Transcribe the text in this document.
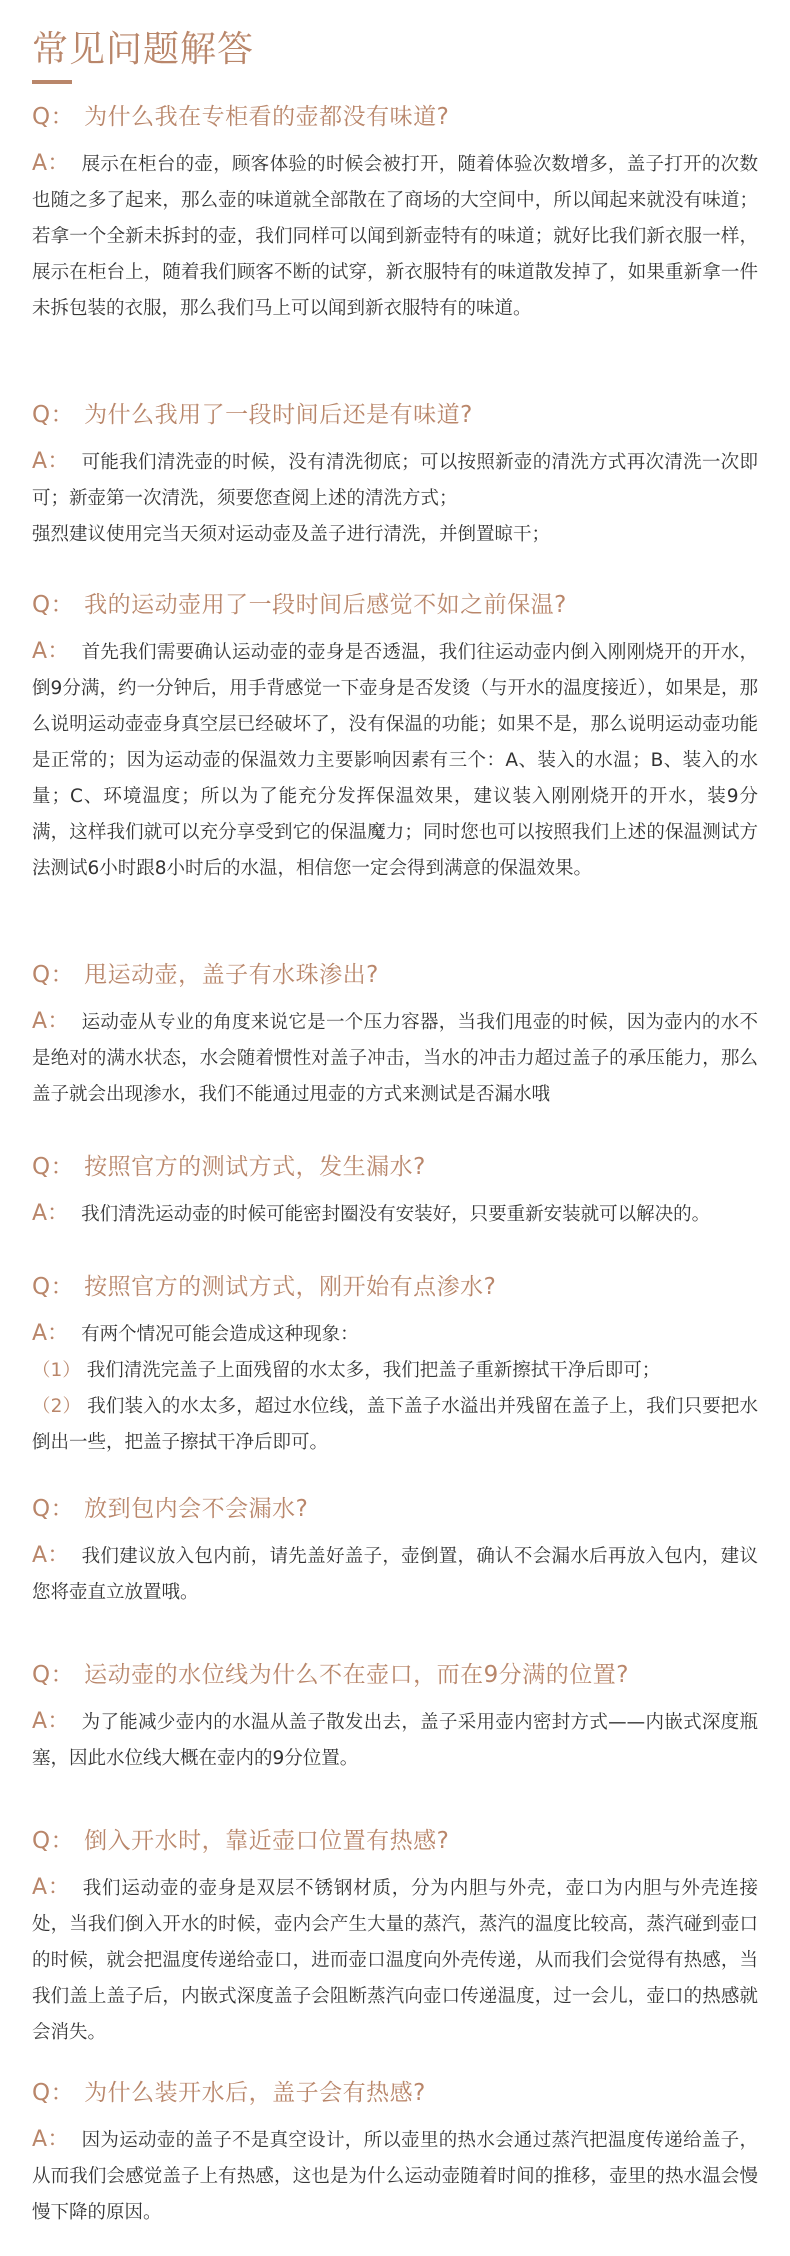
常见问题解答
Q： 为什么我在专柜看的壶都没有味道?

A： 展示在柜台的壶，顾客体验的时候会被打开，随着体验次数增多，盖子打开的次数也随之多了起来，那么壶的味道就全部散在了商场的大空间中，所以闻起来就没有味道；若拿一个全新未拆封的壶，我们同样可以闻到新壶特有的味道；就好比我们新衣服一样，展示在柜台上，随着我们顾客不断的试穿，新衣服特有的味道散发掉了，如果重新拿一件未拆包装的衣服，那么我们马上可以闻到新衣服特有的味道。

Q： 为什么我用了一段时间后还是有味道?

A： 可能我们清洗壶的时候，没有清洗彻底；可以按照新壶的清洗方式再次清洗一次即可；新壶第一次清洗，须要您查阅上述的清洗方式；

强烈建议使用完当天须对运动壶及盖子进行清洗，并倒置晾干；

Q： 我的运动壶用了一段时间后感觉不如之前保温?

A： 首先我们需要确认运动壶的壶身是否透温，我们往运动壶内倒入刚刚烧开的开水，倒9分满，约一分钟后，用手背感觉一下壶身是否发烫（与开水的温度接近），如果是，那么说明运动壶壶身真空层已经破坏了，没有保温的功能；如果不是，那么说明运动壶功能是正常的；因为运动壶的保温效力主要影响因素有三个：A、装入的水温；B、装入的水量；C、环境温度；所以为了能充分发挥保温效果，建议装入刚刚烧开的开水，装9分满，这样我们就可以充分享受到它的保温魔力；同时您也可以按照我们上述的保温测试方法测试6小时跟8小时后的水温，相信您一定会得到满意的保温效果。

Q： 甩运动壶，盖子有水珠渗出?

A： 运动壶从专业的角度来说它是一个压力容器，当我们甩壶的时候，因为壶内的水不是绝对的满水状态，水会随着惯性对盖子冲击，当水的冲击力超过盖子的承压能力，那么盖子就会出现渗水，我们不能通过甩壶的方式来测试是否漏水哦

Q： 按照官方的测试方式，发生漏水?

A： 我们清洗运动壶的时候可能密封圈没有安装好，只要重新安装就可以解决的。

Q： 按照官方的测试方式，刚开始有点渗水?

A： 有两个情况可能会造成这种现象：

（1） 我们清洗完盖子上面残留的水太多，我们把盖子重新擦拭干净后即可；

（2） 我们装入的水太多，超过水位线，盖下盖子水溢出并残留在盖子上，我们只要把水倒出一些，把盖子擦拭干净后即可。

Q： 放到包内会不会漏水?

A： 我们建议放入包内前，请先盖好盖子，壶倒置，确认不会漏水后再放入包内，建议您将壶直立放置哦。

Q： 运动壶的水位线为什么不在壶口，而在9分满的位置?

A： 为了能减少壶内的水温从盖子散发出去，盖子采用壶内密封方式——内嵌式深度瓶塞，因此水位线大概在壶内的9分位置。

Q： 倒入开水时，靠近壶口位置有热感?

A： 我们运动壶的壶身是双层不锈钢材质，分为内胆与外壳，壶口为内胆与外壳连接处，当我们倒入开水的时候，壶内会产生大量的蒸汽，蒸汽的温度比较高，蒸汽碰到壶口的时候，就会把温度传递给壶口，进而壶口温度向外壳传递，从而我们会觉得有热感，当我们盖上盖子后，内嵌式深度盖子会阻断蒸汽向壶口传递温度，过一会儿，壶口的热感就会消失。

Q： 为什么装开水后，盖子会有热感?

A： 因为运动壶的盖子不是真空设计，所以壶里的热水会通过蒸汽把温度传递给盖子，从而我们会感觉盖子上有热感，这也是为什么运动壶随着时间的推移，壶里的热水温会慢慢下降的原因。
